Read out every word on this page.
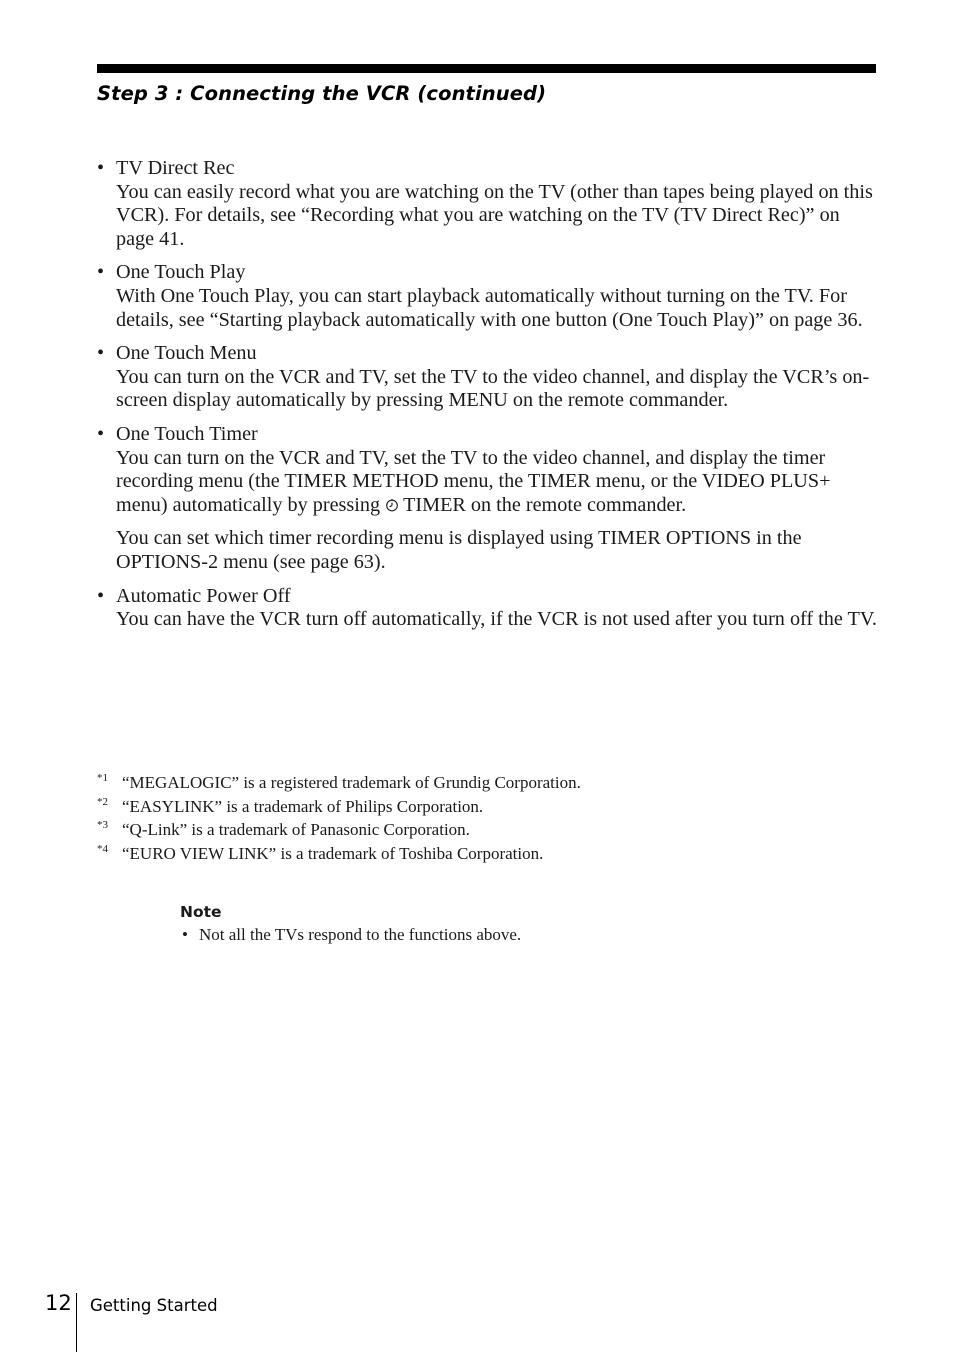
Step 3 : Connecting the VCR (continued)
• TV Direct Rec
You can easily record what you are watching on the TV (other than tapes being played on this VCR). For details, see “Recording what you are watching on the TV (TV Direct Rec)” on page 41.
• One Touch Play
With One Touch Play, you can start playback automatically without turning on the TV. For details, see “Starting playback automatically with one button (One Touch Play)” on page 36.
• One Touch Menu
You can turn on the VCR and TV, set the TV to the video channel, and display the VCR’s on-screen display automatically by pressing MENU on the remote commander.
• One Touch Timer
You can turn on the VCR and TV, set the TV to the video channel, and display the timer recording menu (the TIMER METHOD menu, the TIMER menu, or the VIDEO PLUS+ menu) automatically by pressing TIMER on the remote commander.
You can set which timer recording menu is displayed using TIMER OPTIONS in the OPTIONS-2 menu (see page 63).
• Automatic Power Off
You can have the VCR turn off automatically, if the VCR is not used after you turn off the TV.
*1 “MEGALOGIC” is a registered trademark of Grundig Corporation.
*2 “EASYLINK” is a trademark of Philips Corporation.
*3 “Q-Link” is a trademark of Panasonic Corporation.
*4 “EURO VIEW LINK” is a trademark of Toshiba Corporation.
Note
• Not all the TVs respond to the functions above.
12 Getting Started
